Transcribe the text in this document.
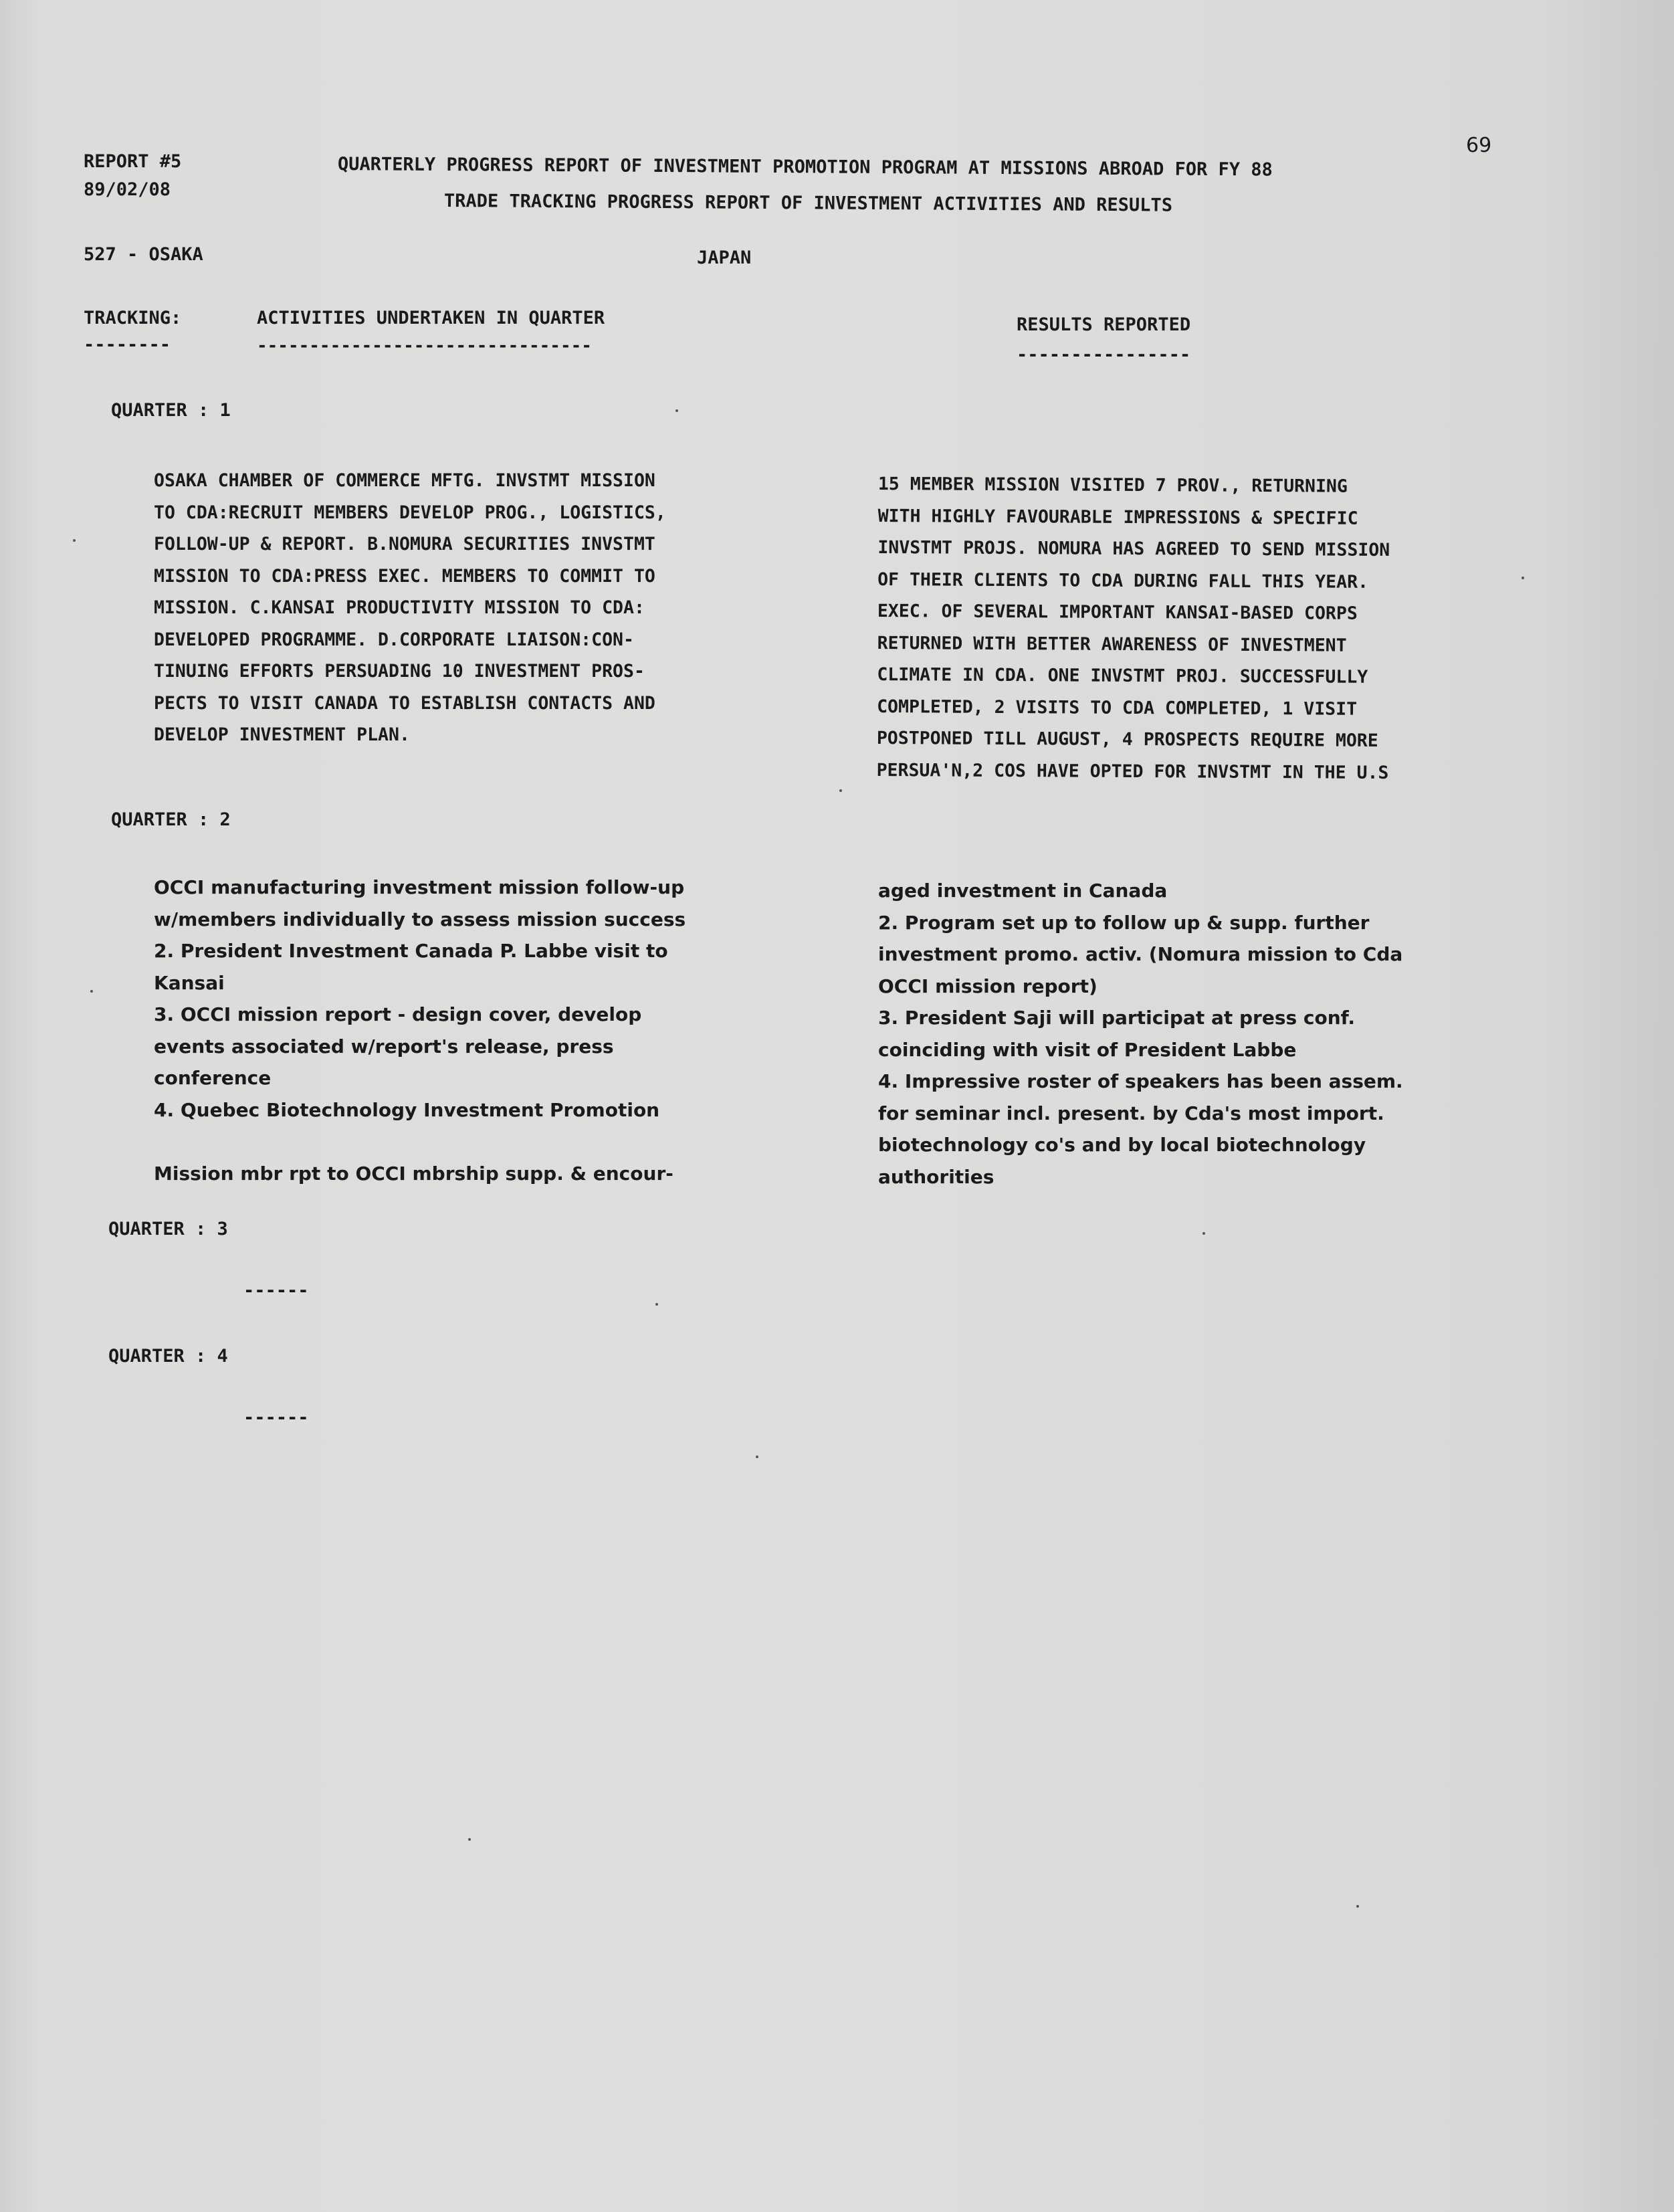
69
REPORT #5
89/02/08
QUARTERLY PROGRESS REPORT OF INVESTMENT PROMOTION PROGRAM AT MISSIONS ABROAD FOR FY 88
TRADE TRACKING PROGRESS REPORT OF INVESTMENT ACTIVITIES AND RESULTS
527 - OSAKA	JAPAN
TRACKING:
--------
ACTIVITIES UNDERTAKEN IN QUARTER
--------------------------------
RESULTS REPORTED
----------------
QUARTER : 1
OSAKA CHAMBER OF COMMERCE MFTG. INVSTMT MISSION
TO CDA:RECRUIT MEMBERS DEVELOP PROG., LOGISTICS,
FOLLOW-UP & REPORT. B.NOMURA SECURITIES INVSTMT
MISSION TO CDA:PRESS EXEC. MEMBERS TO COMMIT TO
MISSION. C.KANSAI PRODUCTIVITY MISSION TO CDA:
DEVELOPED PROGRAMME. D.CORPORATE LIAISON:CON-
TINUING EFFORTS PERSUADING 10 INVESTMENT PROS-
PECTS TO VISIT CANADA TO ESTABLISH CONTACTS AND
DEVELOP INVESTMENT PLAN.
15 MEMBER MISSION VISITED 7 PROV., RETURNING
WITH HIGHLY FAVOURABLE IMPRESSIONS & SPECIFIC
INVSTMT PROJS. NOMURA HAS AGREED TO SEND MISSION
OF THEIR CLIENTS TO CDA DURING FALL THIS YEAR.
EXEC. OF SEVERAL IMPORTANT KANSAI-BASED CORPS
RETURNED WITH BETTER AWARENESS OF INVESTMENT
CLIMATE IN CDA. ONE INVSTMT PROJ. SUCCESSFULLY
COMPLETED, 2 VISITS TO CDA COMPLETED, 1 VISIT
POSTPONED TILL AUGUST, 4 PROSPECTS REQUIRE MORE
PERSUA'N,2 COS HAVE OPTED FOR INVSTMT IN THE U.S
QUARTER : 2
OCCI manufacturing investment mission follow-up
w/members individually to assess mission success
2. President Investment Canada P. Labbe visit to
Kansai
3. OCCI mission report - design cover, develop
events associated w/report's release, press
conference
4. Quebec Biotechnology Investment Promotion
Mission mbr rpt to OCCI mbrship supp. & encour-
aged investment in Canada
2. Program set up to follow up & supp. further
investment promo. activ. (Nomura mission to Cda
OCCI mission report)
3. President Saji will participat at press conf.
coinciding with visit of President Labbe
4. Impressive roster of speakers has been assem.
for seminar incl. present. by Cda's most import.
biotechnology co's and by local biotechnology
authorities
QUARTER : 3
------
QUARTER : 4
------
